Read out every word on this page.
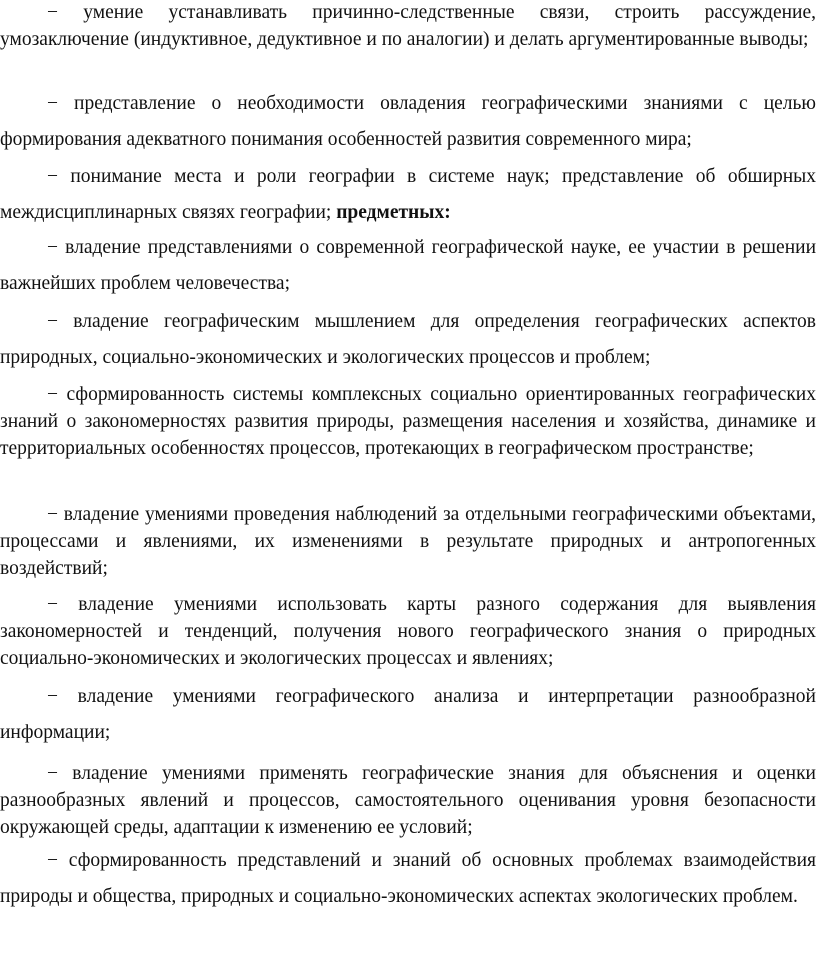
− умение устанавливать причинно-следственные связи, строить рассуждение, умозаключение (индуктивное, дедуктивное и по аналогии) и делать аргументированные выводы;

− представление о необходимости овладения географическими знаниями с целью формирования адекватного понимания особенностей развития современного мира;

− понимание места и роли географии в системе наук; представление об обширных междисциплинарных связях географии; предметных:

− владение представлениями о современной географической науке, ее участии в решении важнейших проблем человечества;

− владение географическим мышлением для определения географических аспектов природных, социально-экономических и экологических процессов и проблем;

− сформированность системы комплексных социально ориентированных географических знаний о закономерностях развития природы, размещения населения и хозяйства, динамике и территориальных особенностях процессов, протекающих в географическом пространстве;

− владение умениями проведения наблюдений за отдельными географическими объектами, процессами и явлениями, их изменениями в результате природных и антропогенных воздействий;

− владение умениями использовать карты разного содержания для выявления закономерностей и тенденций, получения нового географического знания о природных социально-экономических и экологических процессах и явлениях;

− владение умениями географического анализа и интерпретации разнообразной информации;

− владение умениями применять географические знания для объяснения и оценки разнообразных явлений и процессов, самостоятельного оценивания уровня безопасности окружающей среды, адаптации к изменению ее условий;

− сформированность представлений и знаний об основных проблемах взаимодействия природы и общества, природных и социально-экономических аспектах экологических проблем.
